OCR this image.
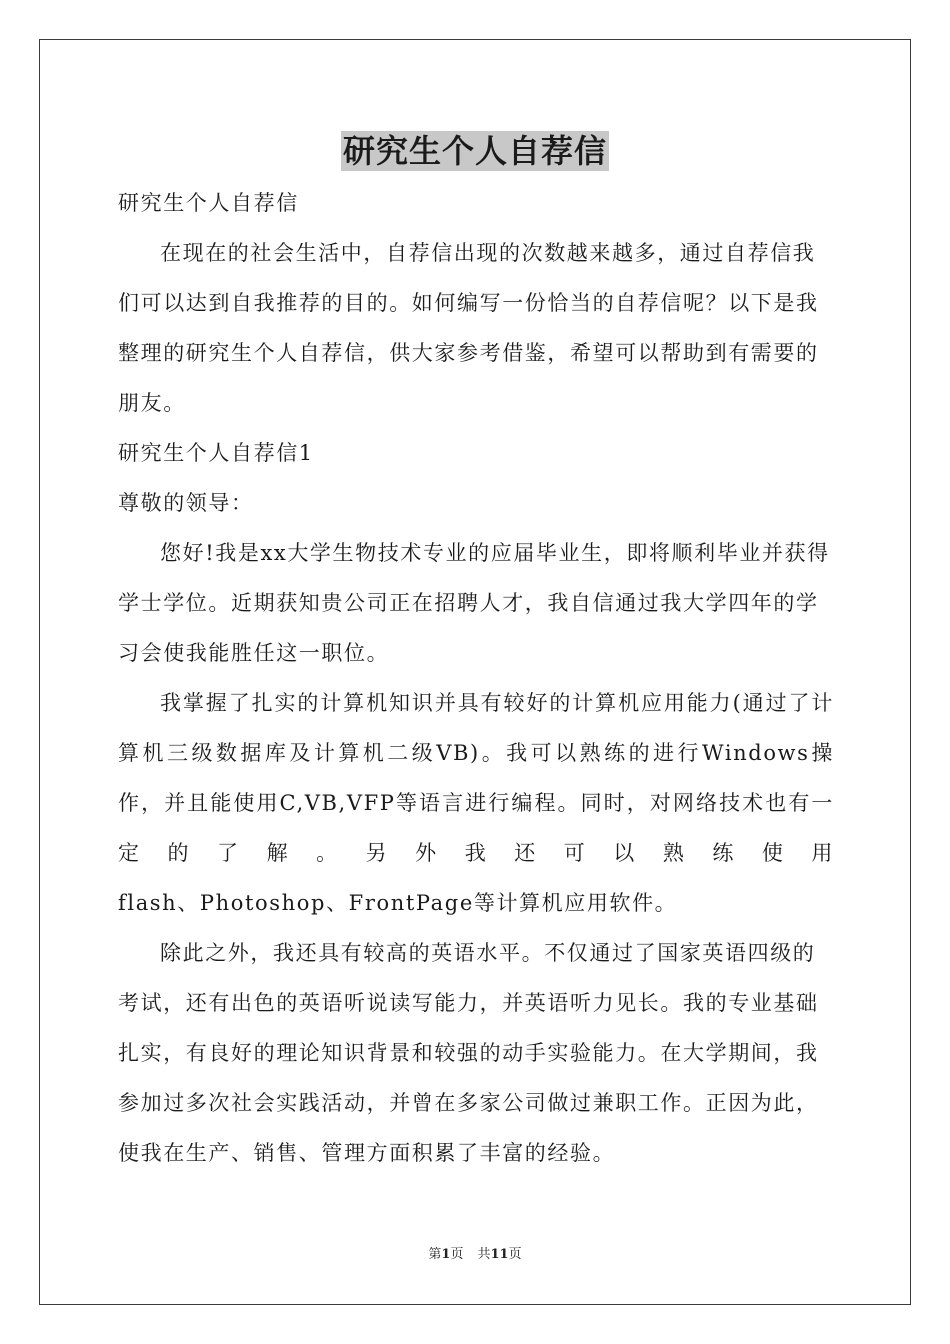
研究生个人自荐信

研究生个人自荐信

在现在的社会生活中，自荐信出现的次数越来越多，通过自荐信我们可以达到自我推荐的目的。如何编写一份恰当的自荐信呢？以下是我整理的研究生个人自荐信，供大家参考借鉴，希望可以帮助到有需要的朋友。

研究生个人自荐信1

尊敬的领导：

您好!我是xx大学生物技术专业的应届毕业生，即将顺利毕业并获得学士学位。近期获知贵公司正在招聘人才，我自信通过我大学四年的学习会使我能胜任这一职位。

我掌握了扎实的计算机知识并具有较好的计算机应用能力(通过了计算机三级数据库及计算机二级VB)。我可以熟练的进行Windows操作，并且能使用C,VB,VFP等语言进行编程。同时，对网络技术也有一定的了解。另外我还可以熟练使用

flash、Photoshop、FrontPage等计算机应用软件。

除此之外，我还具有较高的英语水平。不仅通过了国家英语四级的考试，还有出色的英语听说读写能力，并英语听力见长。我的专业基础扎实，有良好的理论知识背景和较强的动手实验能力。在大学期间，我参加过多次社会实践活动，并曾在多家公司做过兼职工作。正因为此，使我在生产、销售、管理方面积累了丰富的经验。

第1页 共11页
